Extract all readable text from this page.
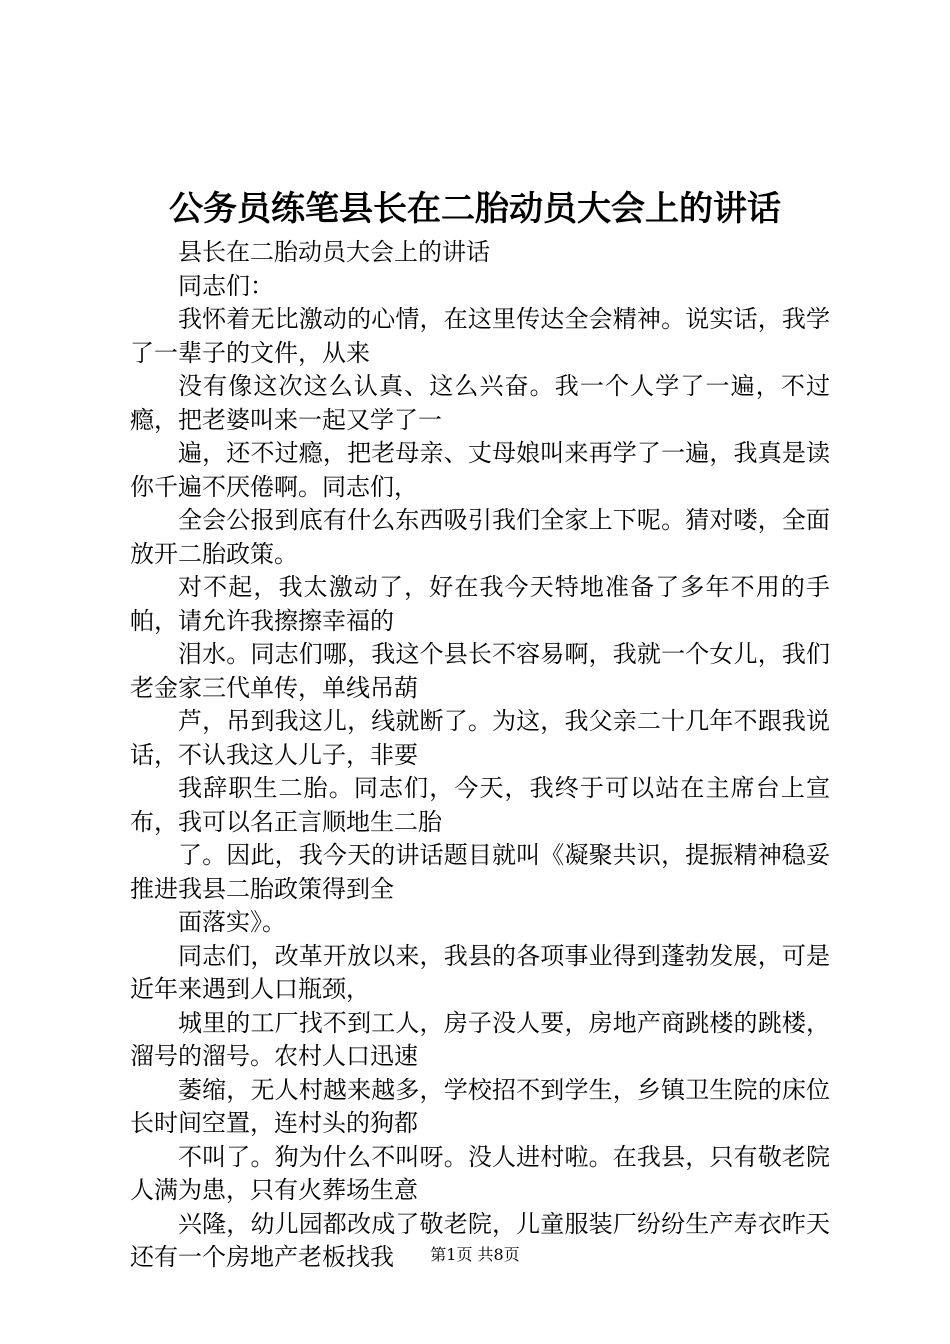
公务员练笔县长在二胎动员大会上的讲话

县长在二胎动员大会上的讲话

同志们：

我怀着无比激动的心情，在这里传达全会精神。说实话，我学了一辈子的文件，从来

没有像这次这么认真、这么兴奋。我一个人学了一遍，不过瘾，把老婆叫来一起又学了一

遍，还不过瘾，把老母亲、丈母娘叫来再学了一遍，我真是读你千遍不厌倦啊。同志们，

全会公报到底有什么东西吸引我们全家上下呢。猜对喽，全面放开二胎政策。

对不起，我太激动了，好在我今天特地准备了多年不用的手帕，请允许我擦擦幸福的

泪水。同志们哪，我这个县长不容易啊，我就一个女儿，我们老金家三代单传，单线吊葫

芦，吊到我这儿，线就断了。为这，我父亲二十几年不跟我说话，不认我这人儿子，非要

我辞职生二胎。同志们，今天，我终于可以站在主席台上宣布，我可以名正言顺地生二胎

了。因此，我今天的讲话题目就叫《凝聚共识，提振精神稳妥推进我县二胎政策得到全

面落实》。

同志们，改革开放以来，我县的各项事业得到蓬勃发展，可是近年来遇到人口瓶颈，

城里的工厂找不到工人，房子没人要，房地产商跳楼的跳楼，溜号的溜号。农村人口迅速

萎缩，无人村越来越多，学校招不到学生，乡镇卫生院的床位长时间空置，连村头的狗都

不叫了。狗为什么不叫呀。没人进村啦。在我县，只有敬老院人满为患，只有火葬场生意

兴隆，幼儿园都改成了敬老院，儿童服装厂纷纷生产寿衣昨天还有一个房地产老板找我	第1页 共8页
